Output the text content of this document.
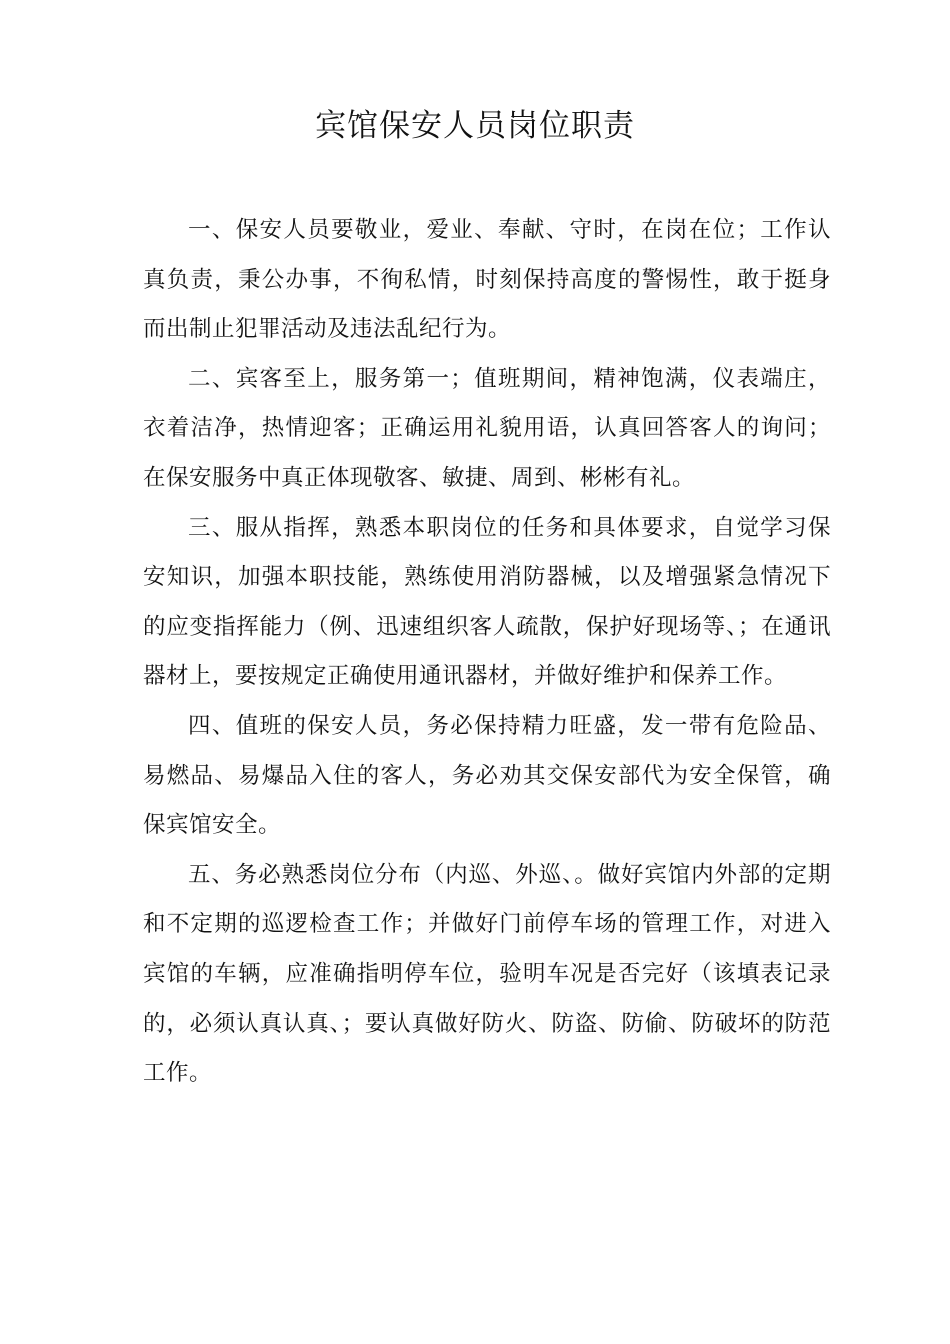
宾馆保安人员岗位职责

一、保安人员要敬业，爱业、奉献、守时，在岗在位；工作认真负责，秉公办事，不徇私情，时刻保持高度的警惕性，敢于挺身而出制止犯罪活动及违法乱纪行为。

二、宾客至上，服务第一；值班期间，精神饱满，仪表端庄，衣着洁净，热情迎客；正确运用礼貌用语，认真回答客人的询问；在保安服务中真正体现敬客、敏捷、周到、彬彬有礼。

三、服从指挥，熟悉本职岗位的任务和具体要求，自觉学习保安知识，加强本职技能，熟练使用消防器械，以及增强紧急情况下的应变指挥能力（例、迅速组织客人疏散，保护好现场等、；在通讯器材上，要按规定正确使用通讯器材，并做好维护和保养工作。

四、值班的保安人员，务必保持精力旺盛，发一带有危险品、易燃品、易爆品入住的客人，务必劝其交保安部代为安全保管，确保宾馆安全。

五、务必熟悉岗位分布（内巡、外巡、。做好宾馆内外部的定期和不定期的巡逻检查工作；并做好门前停车场的管理工作，对进入宾馆的车辆，应准确指明停车位，验明车况是否完好（该填表记录的，必须认真认真、；要认真做好防火、防盗、防偷、防破坏的防范工作。
